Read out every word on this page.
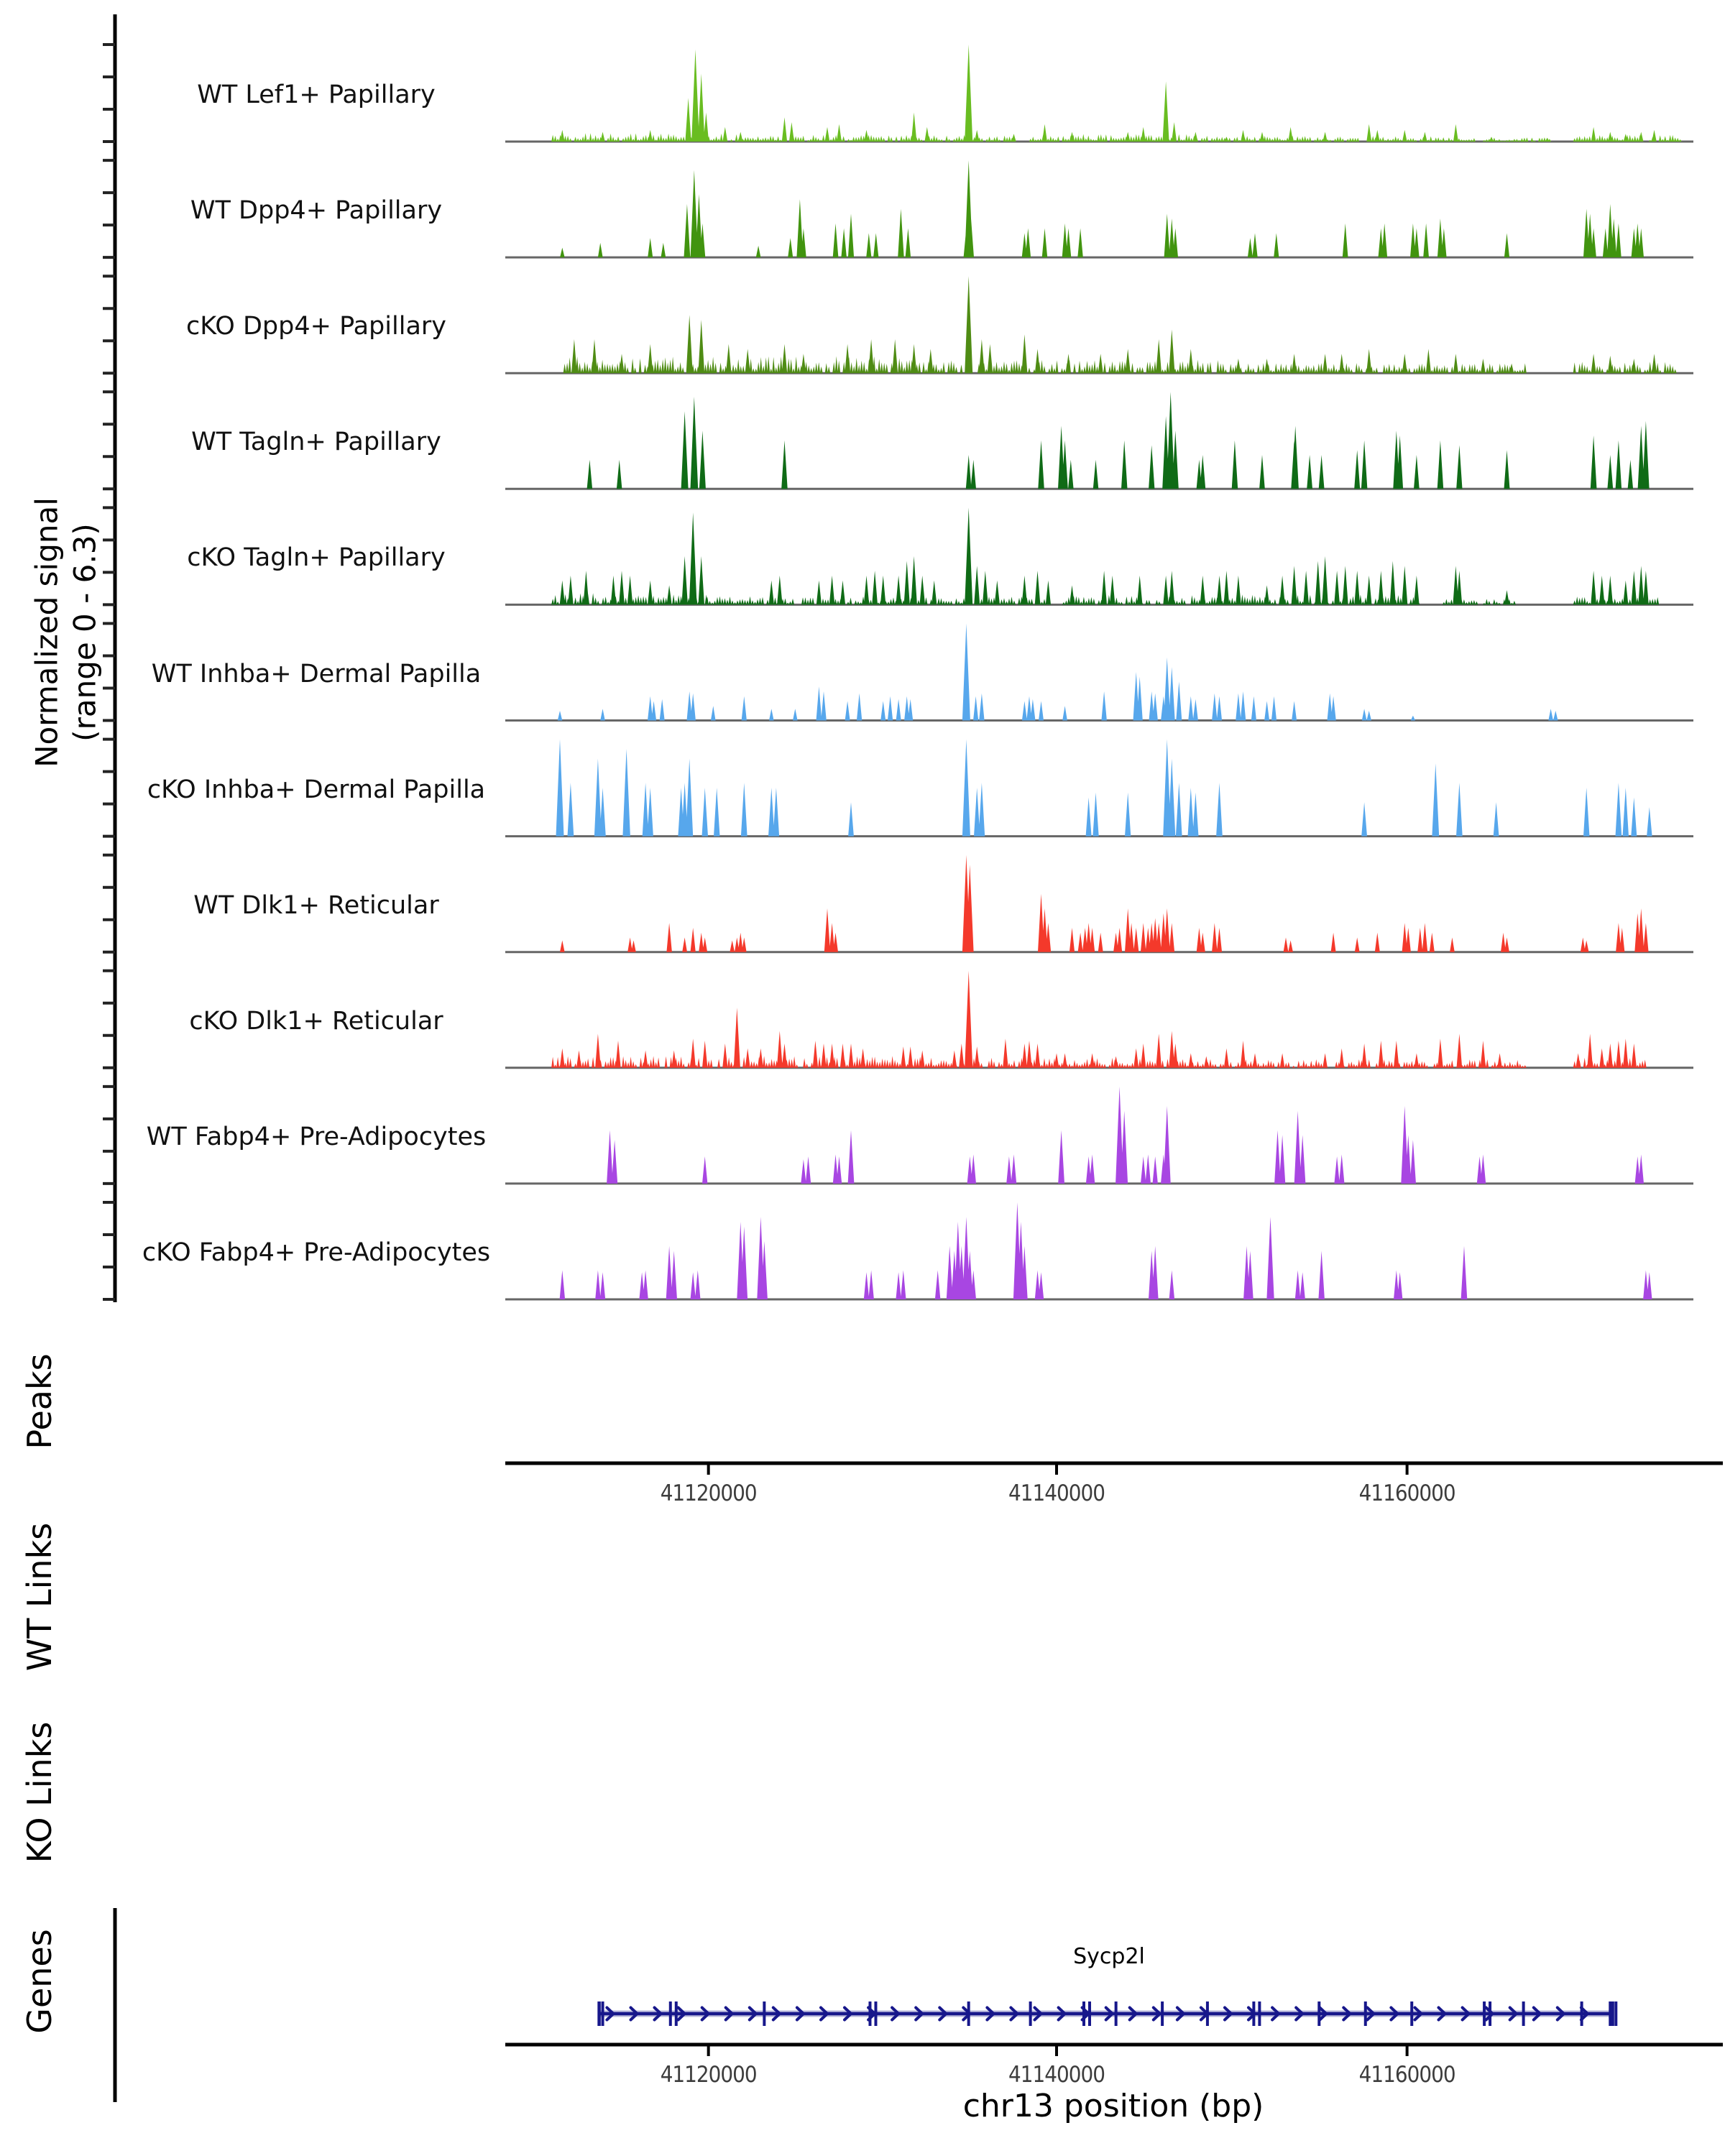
Normalized signal (range 0 - 6.3)
Peaks
WT Links
KO Links
Genes	Sycp2l
chr13 position (bp)
WT Lef1+ Papillary
WT Dpp4+ Papillary
cKO Dpp4+ Papillary
WT Tagln+ Papillary
cKO Tagln+ Papillary
WT Inhba+ Dermal Papilla
cKO Inhba+ Dermal Papilla
WT Dlk1+ Reticular
cKO Dlk1+ Reticular
WT Fabp4+ Pre-Adipocytes
cKO Fabp4+ Pre-Adipocytes
41120000	41140000	41160000
41120000	41140000	41160000
